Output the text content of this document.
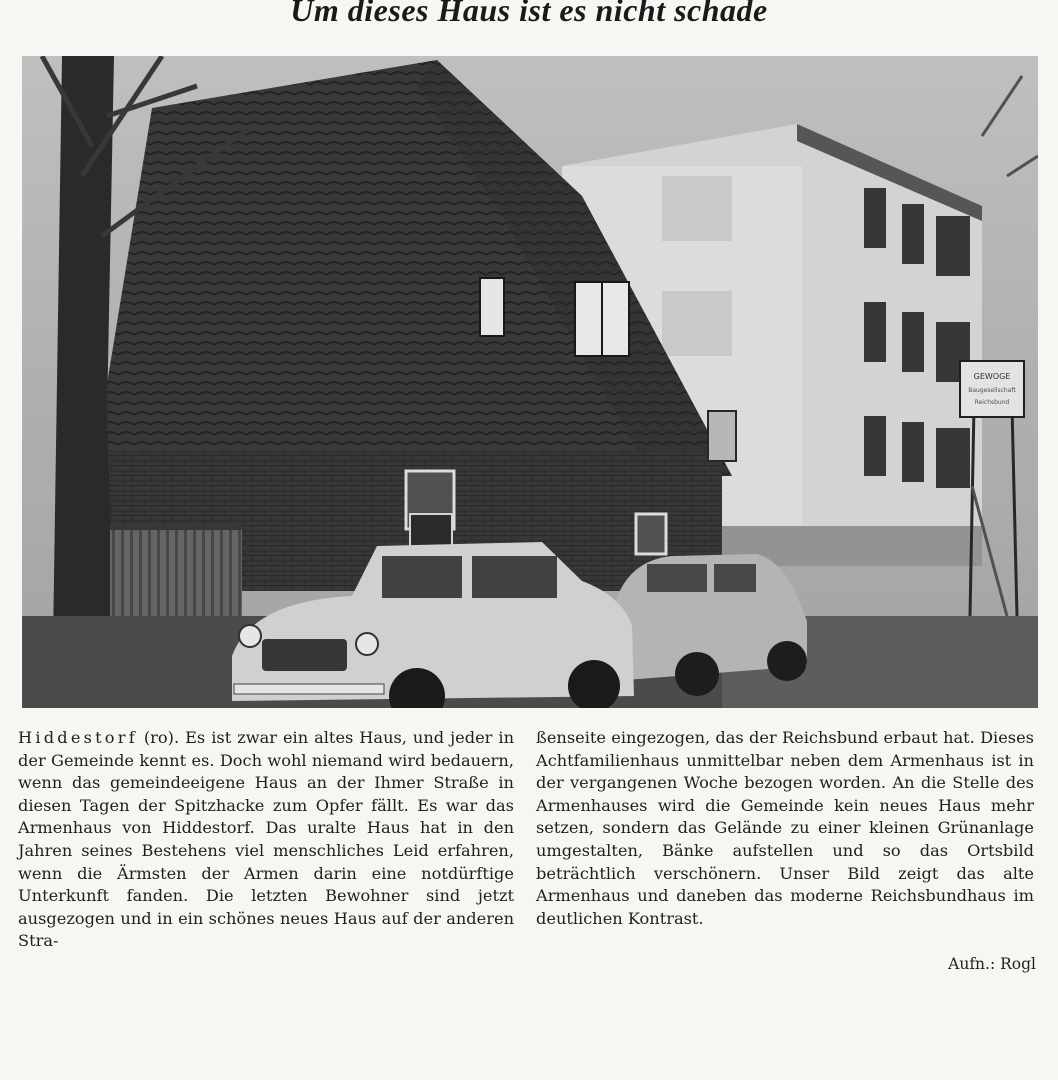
Um dieses Haus ist es nicht schade
GEWOGE
Baugesellschaft
Reichsbund
Hiddestorf (ro). Es ist zwar ein altes Haus, und jeder in der Gemeinde kennt es. Doch wohl niemand wird bedauern, wenn das gemeindeeigene Haus an der Ihmer Straße in diesen Tagen der Spitzhacke zum Opfer fällt. Es war das Armenhaus von Hiddestorf. Das uralte Haus hat in den Jahren seines Bestehens viel menschliches Leid erfahren, wenn die Ärmsten der Armen darin eine notdürftige Unterkunft fanden. Die letzten Bewohner sind jetzt ausgezogen und in ein schönes neues Haus auf der anderen Stra-
ßenseite eingezogen, das der Reichsbund erbaut hat. Dieses Achtfamilienhaus unmittelbar neben dem Armenhaus ist in der vergangenen Woche bezogen worden. An die Stelle des Armenhauses wird die Gemeinde kein neues Haus mehr setzen, sondern das Gelände zu einer kleinen Grünanlage umgestalten, Bänke aufstellen und so das Ortsbild beträchtlich verschönern. Unser Bild zeigt das alte Armenhaus und daneben das moderne Reichsbundhaus im deutlichen Kontrast.
Aufn.: Rogl
